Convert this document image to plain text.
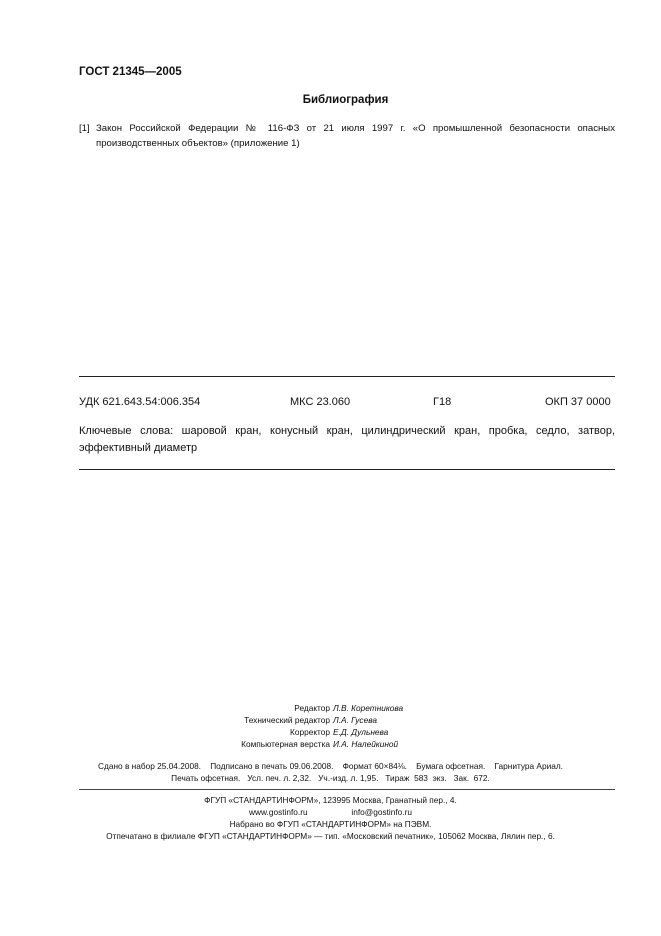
ГОСТ 21345—2005
Библиография
[1] Закон Российской Федерации № 116-ФЗ от 21 июля 1997 г. «О промышленной безопасности опасных производственных объектов» (приложение 1)
УДК 621.643.54:006.354	МКС 23.060	Г18	ОКП 37 0000
Ключевые слова: шаровой кран, конусный кран, цилиндрический кран, пробка, седло, затвор, эффективный диаметр
Редактор Л.В. Коретникова
Технический редактор Л.А. Гусева
Корректор Е.Д. Дульнева
Компьютерная верстка И.А. Налейкиной
Сдано в набор 25.04.2008.    Подписано в печать 09.06.2008.    Формат 60×84⅛.    Бумага офсетная.    Гарнитура Ариал.
Печать офсетная.   Усл. печ. л. 2,32.   Уч.-изд. л. 1,95.   Тираж  583  экз.   Зак.  672.
ФГУП «СТАНДАРТИНФОРМ», 123995 Москва, Гранатный пер., 4.
www.gostinfo.ru	info@gostinfo.ru
Набрано во ФГУП «СТАНДАРТИНФОРМ» на ПЭВМ.
Отпечатано в филиале ФГУП «СТАНДАРТИНФОРМ» — тип. «Московский печатник», 105062 Москва, Лялин пер., 6.
